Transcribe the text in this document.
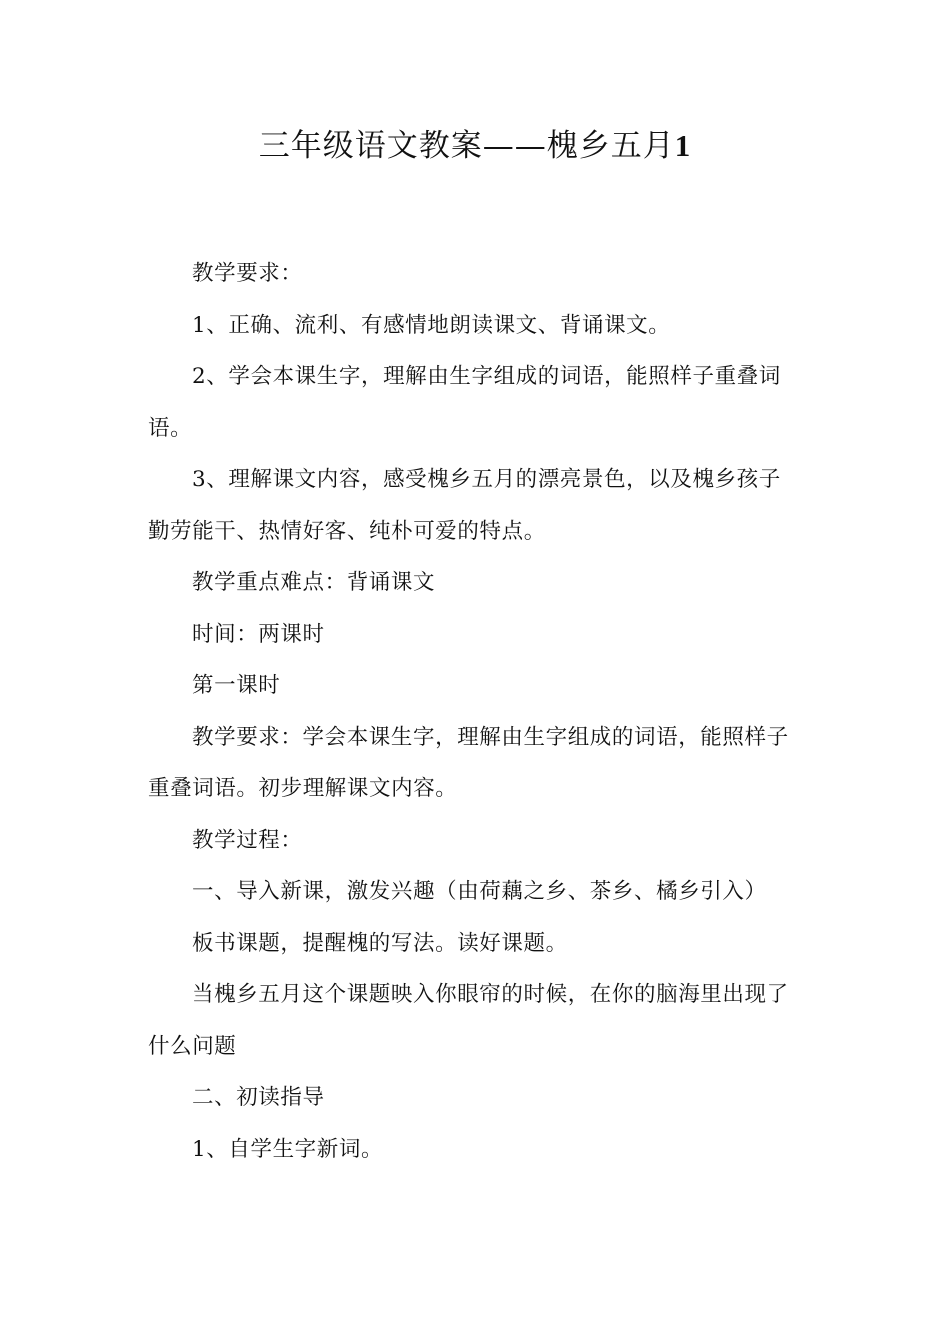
三年级语文教案——槐乡五月1

教学要求：

1、正确、流利、有感情地朗读课文、背诵课文。

2、学会本课生字，理解由生字组成的词语，能照样子重叠词语。

3、理解课文内容，感受槐乡五月的漂亮景色，以及槐乡孩子勤劳能干、热情好客、纯朴可爱的特点。

教学重点难点：背诵课文

时间：两课时

第一课时

教学要求：学会本课生字，理解由生字组成的词语，能照样子重叠词语。初步理解课文内容。

教学过程：

一、导入新课，激发兴趣（由荷藕之乡、茶乡、橘乡引入）

板书课题，提醒槐的写法。读好课题。

当槐乡五月这个课题映入你眼帘的时候，在你的脑海里出现了什么问题

二、初读指导

1、自学生字新词。
